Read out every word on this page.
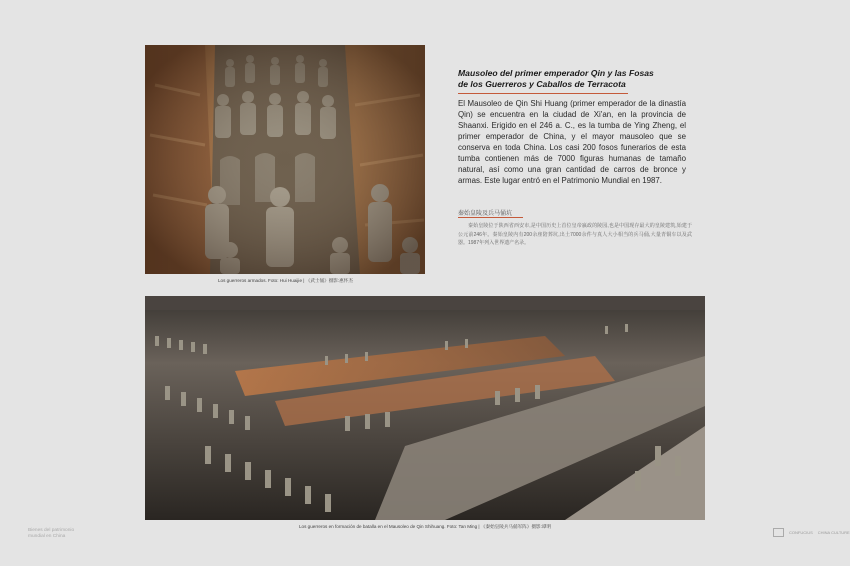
Los guerreros armados. Foto: Hui Huaijie | 《武士俑》摄影:惠怀杰

Mausoleo del primer emperador Qin y las Fosas
de los Guerreros y Caballos de Terracota

El Mausoleo de Qin Shi Huang (primer emperador de la dinastía Qin) se encuentra en la ciudad de Xi'an, en la provincia de Shaanxi. Erigido en el 246 a. C., es la tumba de Ying Zheng, el primer emperador de China, y el mayor mausoleo que se conserva en toda China. Los casi 200 fosos funerarios de esta tumba contienen más de 7000 figuras humanas de tamaño natural, así como una gran cantidad de carros de bronce y armas. Este lugar entró en el Patrimonio Mundial en 1987.

秦始皇陵及兵马俑坑
秦始皇陵位于陕西省西安市,是中国历史上首位皇帝嬴政的陵园,也是中国现存最大的皇陵建筑,始建于公元前246年。秦始皇陵内有200余座陪葬坑,出土7000余件与真人大小相当的兵马俑,大量青铜车以及武器。1987年列入世界遗产名录。
Los guerreros en formación de batalla en el Mausoleo de Qin Shihuang. Foto: Tan Ming | 《秦始皇陵兵马俑军阵》摄影:谭明
Bienes del patrimonio
mundial en China
CONFUCIUS CHINA CULTURE
